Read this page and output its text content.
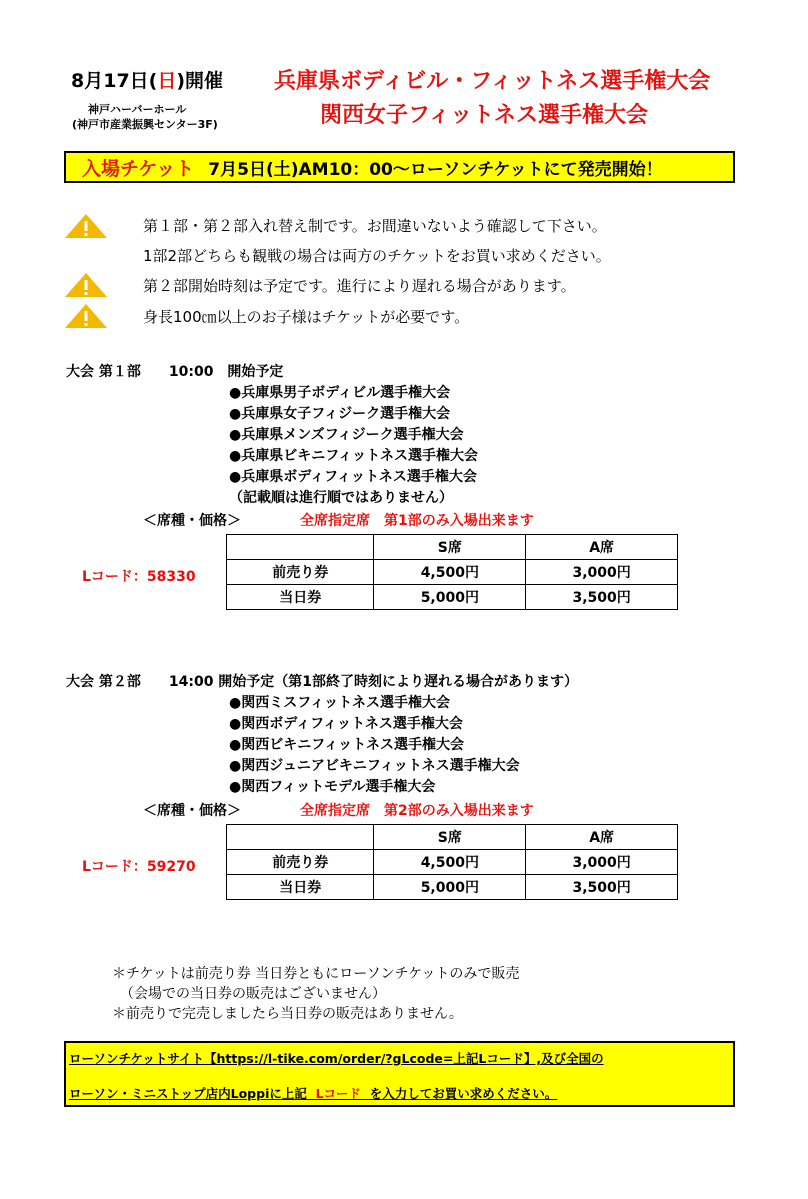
8月17日(日)開催
神戸ハーバーホール
(神戸市産業振興センター3F)
兵庫県ボディビル・フィットネス選手権大会
関西女子フィットネス選手権大会
入場チケット 7月5日(土)AM10：00～ローソンチケットにて発売開始！
第１部・第２部入れ替え制です。お間違いないよう確認して下さい。
1部2部どちらも観戦の場合は両方のチケットをお買い求めください。
第２部開始時刻は予定です。進行により遅れる場合があります。
身長100㎝以上のお子様はチケットが必要です。
大会 第１部　　10:00　開始予定
●兵庫県男子ボディビル選手権大会
●兵庫県女子フィジーク選手権大会
●兵庫県メンズフィジーク選手権大会
●兵庫県ビキニフィットネス選手権大会
●兵庫県ボディフィットネス選手権大会
（記載順は進行順ではありません）
＜席種・価格＞	全席指定席　第1部のみ入場出来ます
Lコード：58330
	S席	A席
前売り券	4,500円	3,000円
当日券	5,000円	3,500円
大会 第２部　　14:00 開始予定（第1部終了時刻により遅れる場合があります）
●関西ミスフィットネス選手権大会
●関西ボディフィットネス選手権大会
●関西ビキニフィットネス選手権大会
●関西ジュニアビキニフィットネス選手権大会
●関西フィットモデル選手権大会
＜席種・価格＞	全席指定席　第2部のみ入場出来ます
Lコード：59270
	S席	A席
前売り券	4,500円	3,000円
当日券	5,000円	3,500円
＊チケットは前売り券 当日券ともにローソンチケットのみで販売
（会場での当日券の販売はございません）
＊前売りで完売しましたら当日券の販売はありません。
ローソンチケットサイト【https://l-tike.com/order/?gLcode=上記Lコード】,及び全国の
ローソン・ミニストップ店内Loppiに上記 Lコード を入力してお買い求めください。
